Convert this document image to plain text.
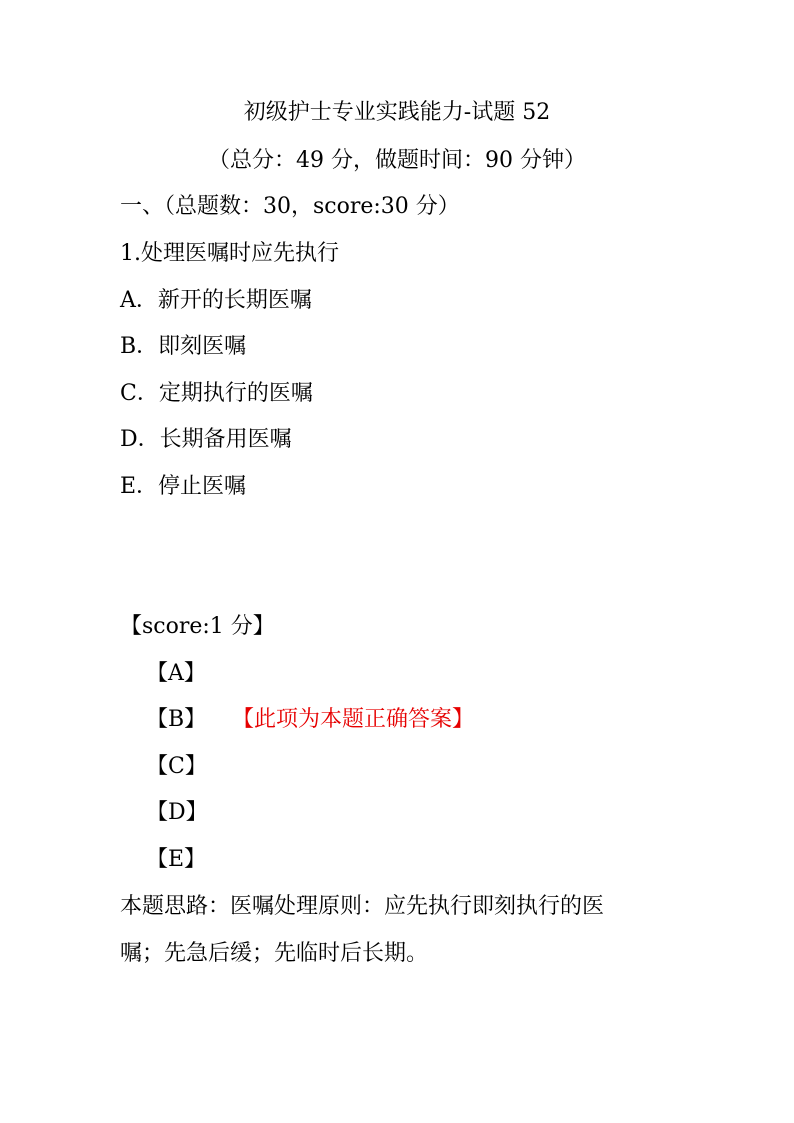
初级护士专业实践能力-试题 52
（总分：49 分，做题时间：90 分钟）
一、（总题数：30，score:30 分）
1.处理医嘱时应先执行
A．新开的长期医嘱
B．即刻医嘱
C．定期执行的医嘱
D．长期备用医嘱
E．停止医嘱
【score:1 分】
【A】
【B】 【此项为本题正确答案】
【C】
【D】
【E】
本题思路：医嘱处理原则：应先执行即刻执行的医
嘱；先急后缓；先临时后长期。
